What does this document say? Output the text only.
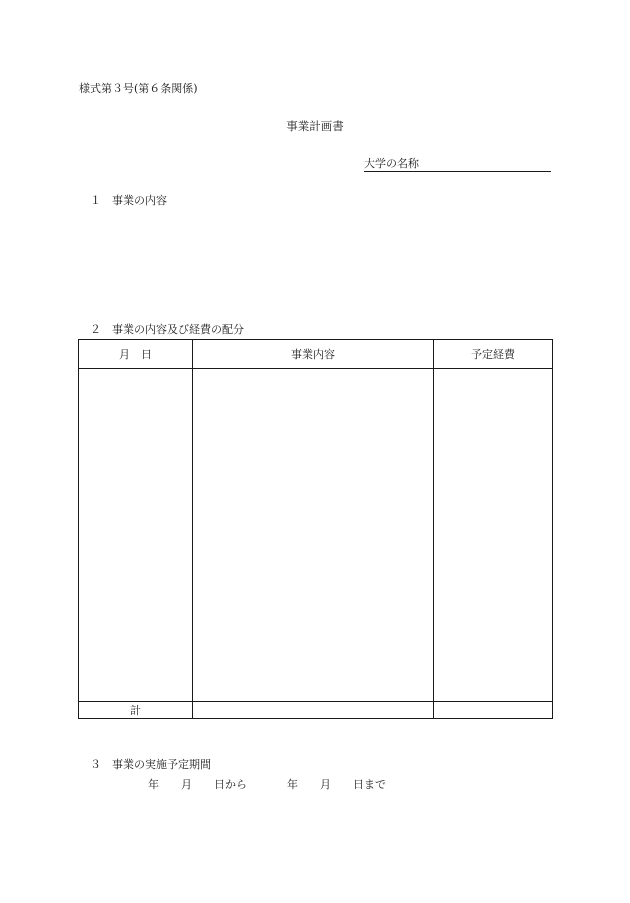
様式第３号(第６条関係)
事業計画書
大学の名称
１　事業の内容
２　事業の内容及び経費の配分
月　日	事業内容	予定経費

計		
３　事業の実施予定期間
年 月 日から	年 月 日まで
